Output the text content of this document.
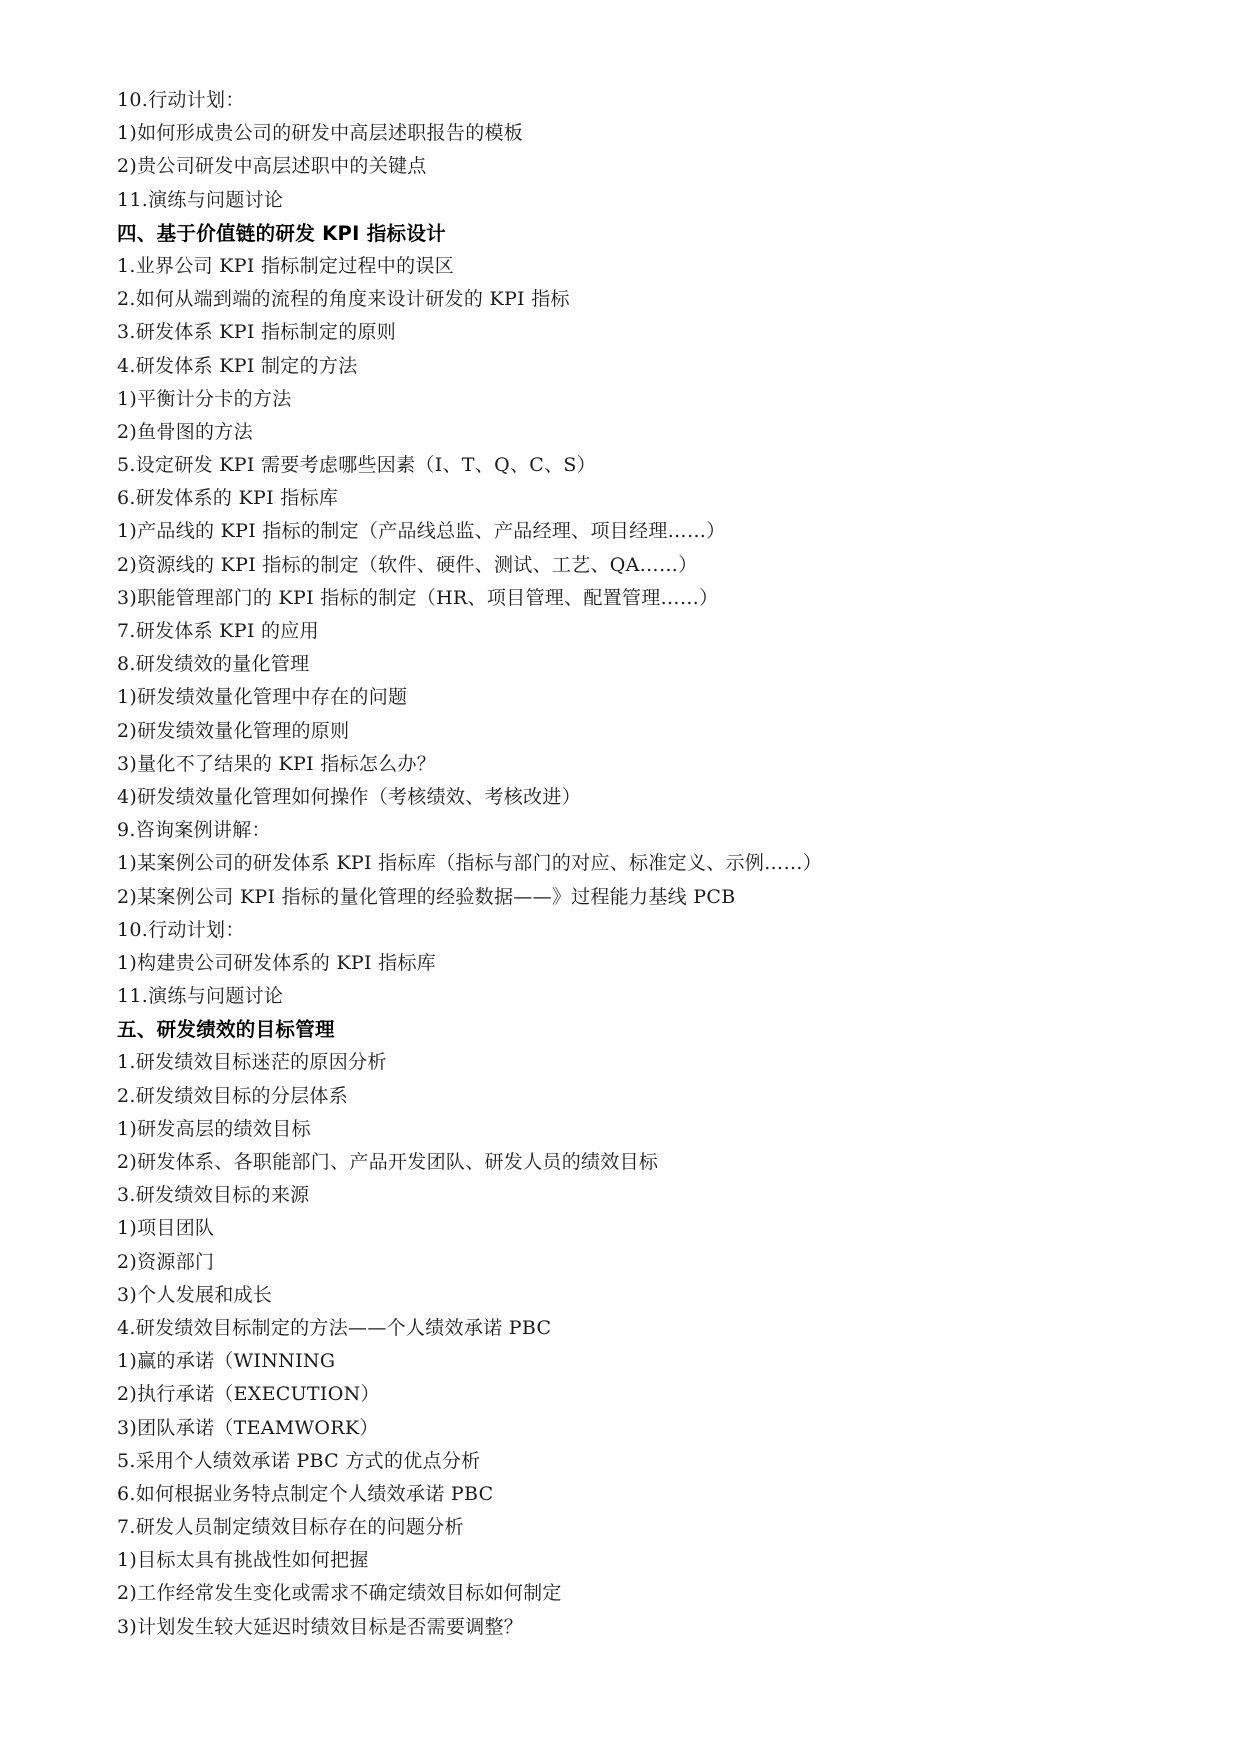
10.行动计划：
1)如何形成贵公司的研发中高层述职报告的模板
2)贵公司研发中高层述职中的关键点
11.演练与问题讨论
四、基于价值链的研发 KPI 指标设计
1.业界公司 KPI 指标制定过程中的误区
2.如何从端到端的流程的角度来设计研发的 KPI 指标
3.研发体系 KPI 指标制定的原则
4.研发体系 KPI 制定的方法
1)平衡计分卡的方法
2)鱼骨图的方法
5.设定研发 KPI 需要考虑哪些因素（I、T、Q、C、S）
6.研发体系的 KPI 指标库
1)产品线的 KPI 指标的制定（产品线总监、产品经理、项目经理……）
2)资源线的 KPI 指标的制定（软件、硬件、测试、工艺、QA……）
3)职能管理部门的 KPI 指标的制定（HR、项目管理、配置管理……）
7.研发体系 KPI 的应用
8.研发绩效的量化管理
1)研发绩效量化管理中存在的问题
2)研发绩效量化管理的原则
3)量化不了结果的 KPI 指标怎么办？
4)研发绩效量化管理如何操作（考核绩效、考核改进）
9.咨询案例讲解：
1)某案例公司的研发体系 KPI 指标库（指标与部门的对应、标准定义、示例……）
2)某案例公司 KPI 指标的量化管理的经验数据——》过程能力基线 PCB
10.行动计划：
1)构建贵公司研发体系的 KPI 指标库
11.演练与问题讨论
五、研发绩效的目标管理
1.研发绩效目标迷茫的原因分析
2.研发绩效目标的分层体系
1)研发高层的绩效目标
2)研发体系、各职能部门、产品开发团队、研发人员的绩效目标
3.研发绩效目标的来源
1)项目团队
2)资源部门
3)个人发展和成长
4.研发绩效目标制定的方法——个人绩效承诺 PBC
1)赢的承诺（WINNING
2)执行承诺（EXECUTION）
3)团队承诺（TEAMWORK）
5.采用个人绩效承诺 PBC 方式的优点分析
6.如何根据业务特点制定个人绩效承诺 PBC
7.研发人员制定绩效目标存在的问题分析
1)目标太具有挑战性如何把握
2)工作经常发生变化或需求不确定绩效目标如何制定
3)计划发生较大延迟时绩效目标是否需要调整？
